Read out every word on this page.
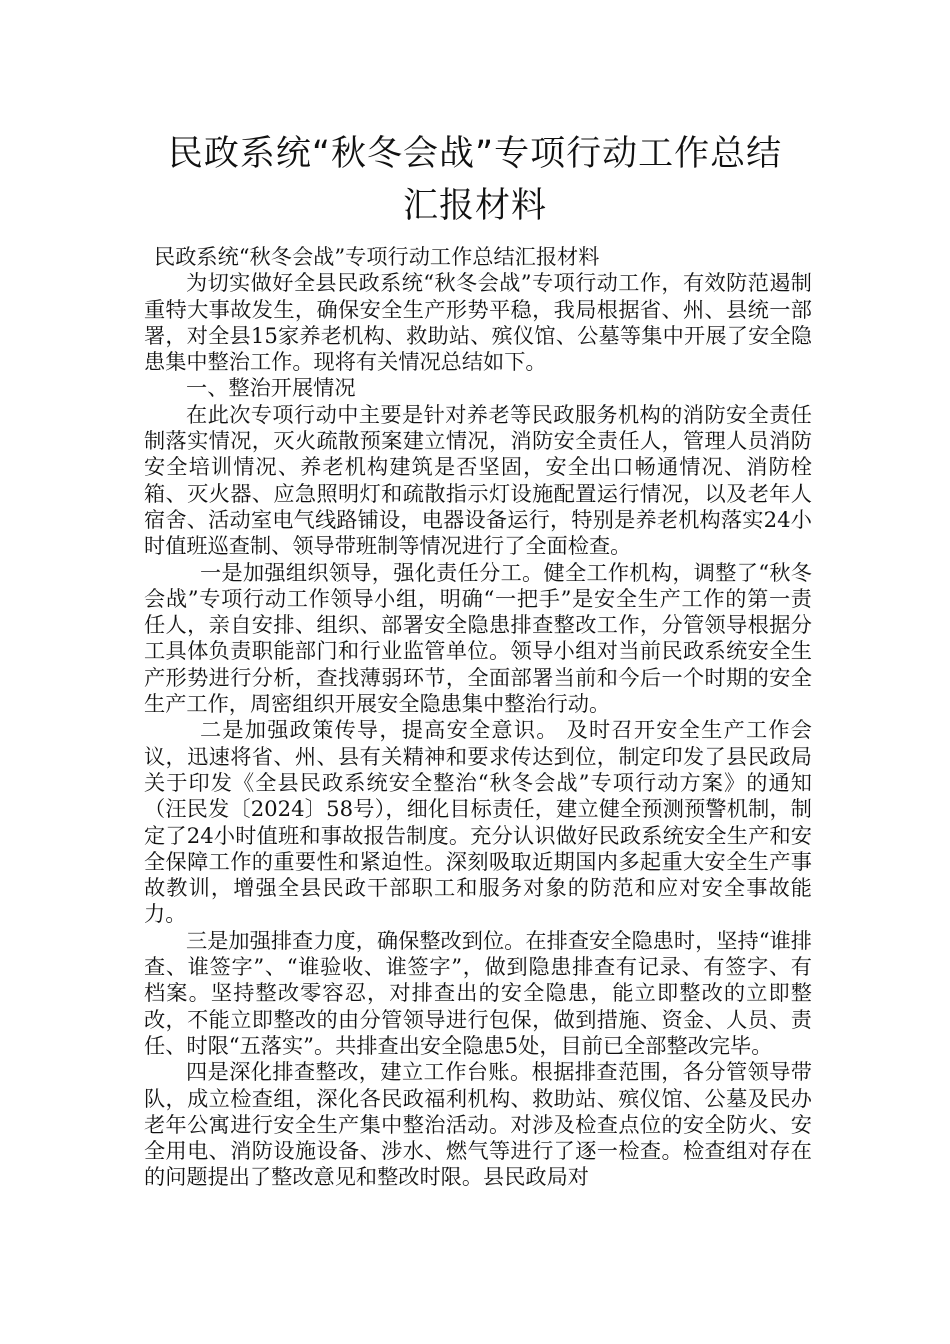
民政系统“秋冬会战”专项行动工作总结
汇报材料

民政系统“秋冬会战”专项行动工作总结汇报材料

为切实做好全县民政系统“秋冬会战”专项行动工作，有效防范遏制重特大事故发生，确保安全生产形势平稳，我局根据省、州、县统一部署，对全县15家养老机构、救助站、殡仪馆、公墓等集中开展了安全隐患集中整治工作。现将有关情况总结如下。

一、整治开展情况

在此次专项行动中主要是针对养老等民政服务机构的消防安全责任制落实情况，灭火疏散预案建立情况，消防安全责任人，管理人员消防安全培训情况、养老机构建筑是否坚固，安全出口畅通情况、消防栓箱、灭火器、应急照明灯和疏散指示灯设施配置运行情况，以及老年人宿舍、活动室电气线路铺设，电器设备运行，特别是养老机构落实24小时值班巡查制、领导带班制等情况进行了全面检查。

一是加强组织领导，强化责任分工。健全工作机构，调整了“秋冬会战”专项行动工作领导小组，明确“一把手”是安全生产工作的第一责任人，亲自安排、组织、部署安全隐患排查整改工作，分管领导根据分工具体负责职能部门和行业监管单位。领导小组对当前民政系统安全生产形势进行分析，查找薄弱环节，全面部署当前和今后一个时期的安全生产工作，周密组织开展安全隐患集中整治行动。

二是加强政策传导，提高安全意识。 及时召开安全生产工作会议，迅速将省、州、县有关精神和要求传达到位，制定印发了县民政局关于印发《全县民政系统安全整治“秋冬会战”专项行动方案》的通知（汪民发〔2024〕58号），细化目标责任，建立健全预测预警机制，制定了24小时值班和事故报告制度。充分认识做好民政系统安全生产和安全保障工作的重要性和紧迫性。深刻吸取近期国内多起重大安全生产事故教训，增强全县民政干部职工和服务对象的防范和应对安全事故能力。

三是加强排查力度，确保整改到位。在排查安全隐患时，坚持“谁排查、谁签字”、“谁验收、谁签字”，做到隐患排查有记录、有签字、有档案。坚持整改零容忍，对排查出的安全隐患，能立即整改的立即整改，不能立即整改的由分管领导进行包保，做到措施、资金、人员、责任、时限“五落实”。共排查出安全隐患5处，目前已全部整改完毕。

四是深化排查整改，建立工作台账。根据排查范围，各分管领导带队，成立检查组，深化各民政福利机构、救助站、殡仪馆、公墓及民办老年公寓进行安全生产集中整治活动。对涉及检查点位的安全防火、安全用电、消防设施设备、涉水、燃气等进行了逐一检查。检查组对存在的问题提出了整改意见和整改时限。县民政局对
